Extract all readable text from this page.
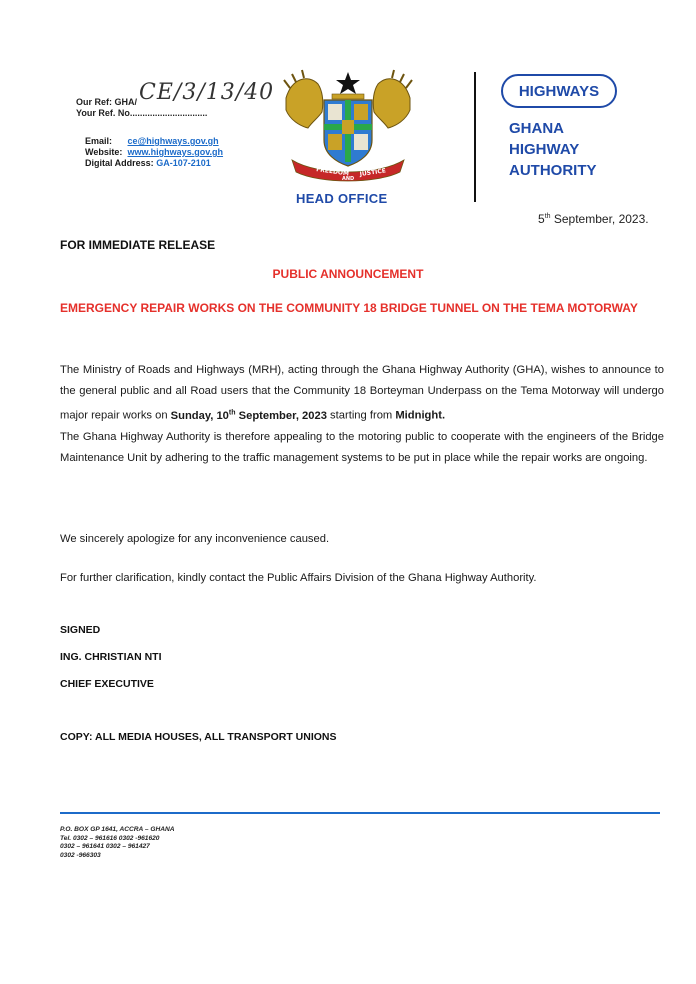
Our Ref: GHA/CE/3/13/40
Your Ref. No...............................
Email: ce@highways.gov.gh
Website: www.highways.gov.gh
Digital Address: GA-107-2101
FREEDOM
AND
JUSTICE
HEAD OFFICE
HIGHWAYS
GHANA
HIGHWAY
AUTHORITY
5th September, 2023.
FOR IMMEDIATE RELEASE
PUBLIC ANNOUNCEMENT
EMERGENCY REPAIR WORKS ON THE COMMUNITY 18 BRIDGE TUNNEL ON THE TEMA MOTORWAY
The Ministry of Roads and Highways (MRH), acting through the Ghana Highway Authority (GHA), wishes to announce to the general public and all Road users that the Community 18 Borteyman Underpass on the Tema Motorway will undergo major repair works on Sunday, 10th September, 2023 starting from Midnight.
The Ghana Highway Authority is therefore appealing to the motoring public to cooperate with the engineers of the Bridge Maintenance Unit by adhering to the traffic management systems to be put in place while the repair works are ongoing.
We sincerely apologize for any inconvenience caused.
For further clarification, kindly contact the Public Affairs Division of the Ghana Highway Authority.
SIGNED
ING. CHRISTIAN NTI
CHIEF EXECUTIVE
COPY: ALL MEDIA HOUSES, ALL TRANSPORT UNIONS
P.O. BOX GP 1641, ACCRA – GHANA
Tel. 0302 – 961616 0302 -961620
0302 – 961641 0302 – 961427
0302 -966303
